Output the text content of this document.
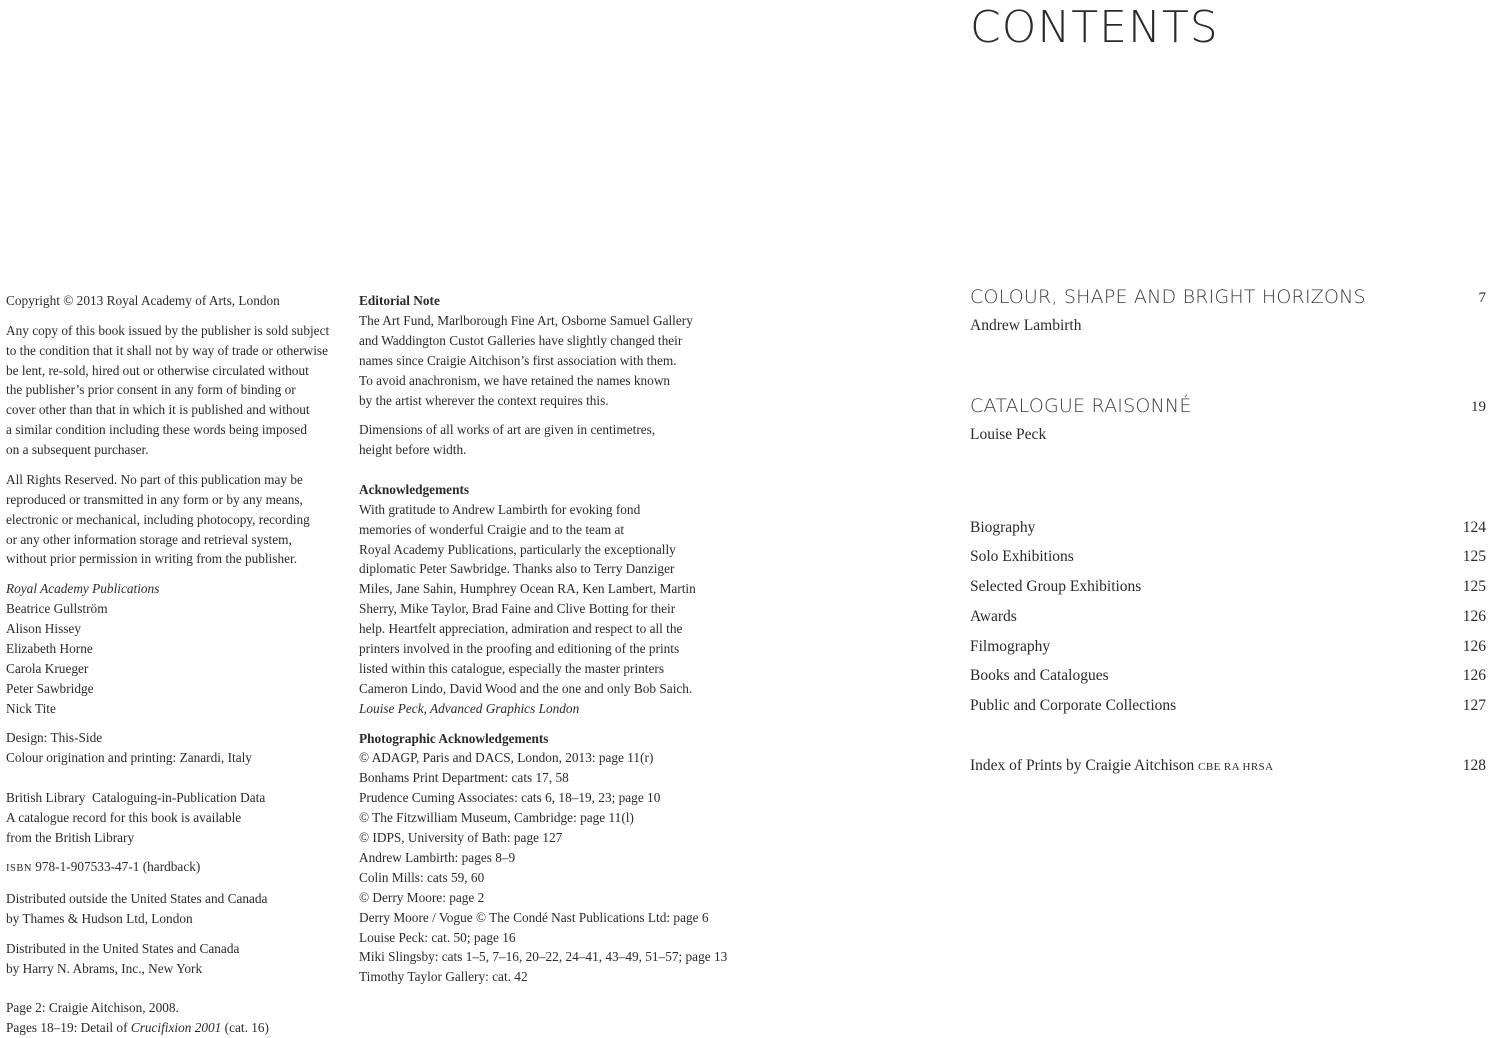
Copyright © 2013 Royal Academy of Arts, London
Any copy of this book issued by the publisher is sold subject
to the condition that it shall not by way of trade or otherwise
be lent, re-sold, hired out or otherwise circulated without
the publisher’s prior consent in any form of binding or
cover other than that in which it is published and without
a similar condition including these words being imposed
on a subsequent purchaser.
All Rights Reserved. No part of this publication may be
reproduced or transmitted in any form or by any means,
electronic or mechanical, including photocopy, recording
or any other information storage and retrieval system,
without prior permission in writing from the publisher.
Royal Academy Publications
Beatrice Gullström
Alison Hissey
Elizabeth Horne
Carola Krueger
Peter Sawbridge
Nick Tite
Design: This-Side
Colour origination and printing: Zanardi, Italy
British Library  Cataloguing-in-Publication Data
A catalogue record for this book is available
from the British Library
ISBN 978-1-907533-47-1 (hardback)
Distributed outside the United States and Canada
by Thames & Hudson Ltd, London
Distributed in the United States and Canada
by Harry N. Abrams, Inc., New York
Page 2: Craigie Aitchison, 2008.
Pages 18–19: Detail of Crucifixion 2001 (cat. 16)
Editorial Note
The Art Fund, Marlborough Fine Art, Osborne Samuel Gallery
and Waddington Custot Galleries have slightly changed their
names since Craigie Aitchison’s first association with them.
To avoid anachronism, we have retained the names known
by the artist wherever the context requires this.
Dimensions of all works of art are given in centimetres,
height before width.
Acknowledgements
With gratitude to Andrew Lambirth for evoking fond
memories of wonderful Craigie and to the team at
Royal Academy Publications, particularly the exceptionally
diplomatic Peter Sawbridge. Thanks also to Terry Danziger
Miles, Jane Sahin, Humphrey Ocean RA, Ken Lambert, Martin
Sherry, Mike Taylor, Brad Faine and Clive Botting for their
help. Heartfelt appreciation, admiration and respect to all the
printers involved in the proofing and editioning of the prints
listed within this catalogue, especially the master printers
Cameron Lindo, David Wood and the one and only Bob Saich.
Louise Peck, Advanced Graphics London
Photographic Acknowledgements
© ADAGP, Paris and DACS, London, 2013: page 11(r)
Bonhams Print Department: cats 17, 58
Prudence Cuming Associates: cats 6, 18–19, 23; page 10
© The Fitzwilliam Museum, Cambridge: page 11(l)
© IDPS, University of Bath: page 127
Andrew Lambirth: pages 8–9
Colin Mills: cats 59, 60
© Derry Moore: page 2
Derry Moore / Vogue © The Condé Nast Publications Ltd: page 6
Louise Peck: cat. 50; page 16
Miki Slingsby: cats 1–5, 7–16, 20–22, 24–41, 43–49, 51–57; page 13
Timothy Taylor Gallery: cat. 42
CONTENTS
COLOUR, SHAPE AND BRIGHT HORIZONS	7
Andrew Lambirth
CATALOGUE RAISONNÉ	19
Louise Peck
Biography	124
Solo Exhibitions	125
Selected Group Exhibitions	125
Awards	126
Filmography	126
Books and Catalogues	126
Public and Corporate Collections	127
Index of Prints by Craigie Aitchison CBE RA HRSA	128
